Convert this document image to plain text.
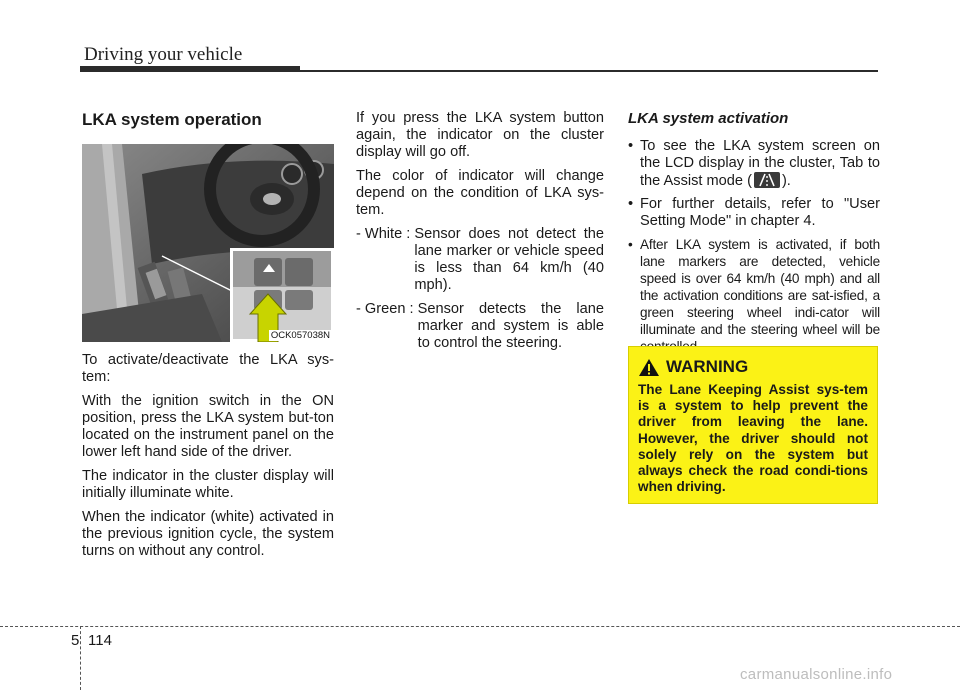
Driving your vehicle
LKA system operation
OCK057038N

To activate/deactivate the LKA sys-tem:

With the ignition switch in the ON position, press the LKA system but-ton located on the instrument panel on the lower left hand side of the driver.

The indicator in the cluster display will initially illuminate white.

When the indicator (white) activated in the previous ignition cycle, the system turns on without any control.

If you press the LKA system button again, the indicator on the cluster display will go off.

The color of indicator will change depend on the condition of LKA sys-tem.

- White : Sensor does not detect the lane marker or vehicle speed is less than 64 km/h (40 mph).
- Green : Sensor detects the lane marker and system is able to control the steering.
LKA system activation
• To see the LKA system screen on the LCD display in the cluster, Tab to the Assist mode ( ).
• For further details, refer to "User Setting Mode" in chapter 4.
• After LKA system is activated, if both lane markers are detected, vehicle speed is over 64 km/h (40 mph) and all the activation conditions are sat-isfied, a green steering wheel indi-cator will illuminate and the steering wheel will be
WARNING
The Lane Keeping Assist sys-tem is a system to help prevent the driver from leaving the lane. However, the driver should not solely rely on the system but always check the road condi-tions when driving.
5 114
carmanualsonline.info
